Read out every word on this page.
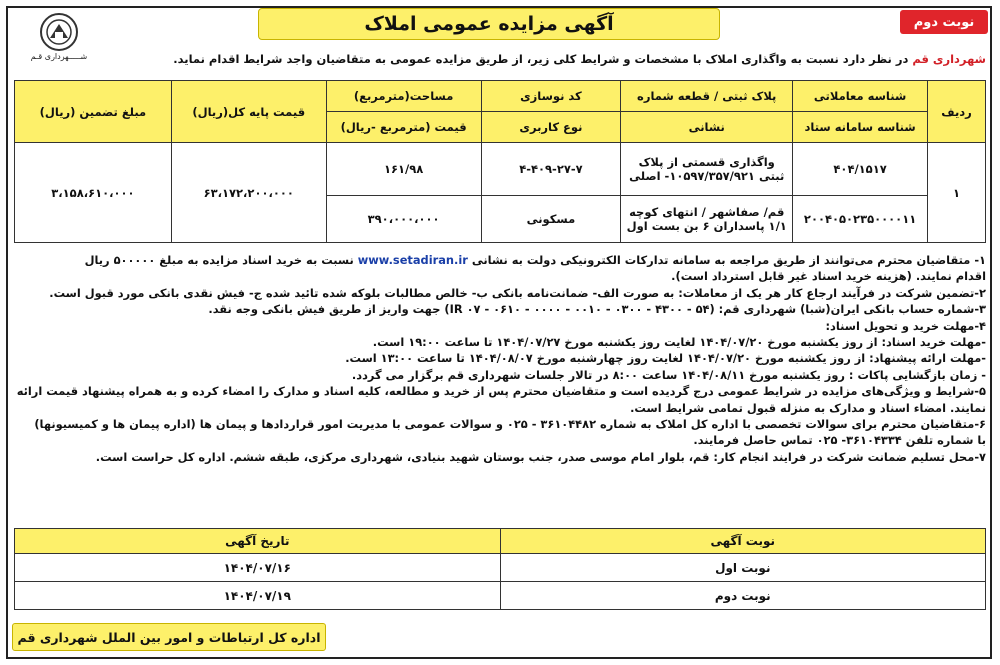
نوبت دوم
آگهی مزایده عمومی املاک
شـــــهرداری قـم	شهرداری قم در نظر دارد نسبت به واگذاری املاک با مشخصات و شرایط کلی زیر، از طریق مزایده عمومی به متقاضیان واجد شرایط اقدام نماید.
ردیف	شناسه معاملاتی	پلاک ثبتی / قطعه شماره	کد نوسازی	مساحت(مترمربع)	قیمت پایه کل(ریال)	مبلغ تضمین (ریال)
	شناسه سامانه ستاد	نشانی	نوع کاربری	قیمت (مترمربع -ریال)		
۱	۴۰۴/۱۵۱۷	واگذاری قسمتی از پلاک ثبتی ۱۰۵۹۷/۳۵۷/۹۲۱- اصلی	۴-۴۰۹-۲۷-۷	۱۶۱/۹۸	۶۳،۱۷۲،۲۰۰،۰۰۰	۳،۱۵۸،۶۱۰،۰۰۰
	۲۰۰۴۰۵۰۲۳۵۰۰۰۰۱۱	قم/ صفاشهر / انتهای کوچه ۱/۱ پاسداران ۶ بن بست اول	مسکونی	۳۹۰،۰۰۰،۰۰۰		
۱- متقاضیان محترم می‌توانند از طریق مراجعه به سامانه تدارکات الکترونیکی دولت به نشانی www.setadiran.ir نسبت به خرید اسناد مزایده به مبلغ ۵۰۰۰۰۰ ریال
اقدام نمایند. (هزینه خرید اسناد غیر قابل استرداد است).
۲-تضمین شرکت در فرآیند ارجاع کار هر یک از معاملات: به صورت الف- ضمانت‌نامه بانکی ب- خالص مطالبات بلوکه شده تائید شده ج- فیش نقدی بانکی مورد قبول است.
۳-شماره حساب بانکی ایران(شبا) شهرداری قم: (۵۴ - ۴۳۰۰ - ۰۳۰۰ - ۰۰۱۰ - ۰۰۰۰ - ۰۶۱۰ - IR ۰۷) جهت واریز از طریق فیش بانکی وجه نقد.
۴-مهلت خرید و تحویل اسناد:
-مهلت خرید اسناد: از روز یکشنبه مورخ ۱۴۰۴/۰۷/۲۰ لغایت روز یکشنبه مورخ ۱۴۰۴/۰۷/۲۷ تا ساعت ۱۹:۰۰ است.
-مهلت ارائه پیشنهاد: از روز یکشنبه مورخ ۱۴۰۴/۰۷/۲۰ لغایت روز چهارشنبه مورخ ۱۴۰۴/۰۸/۰۷ تا ساعت ۱۳:۰۰ است.
- زمان بازگشایی پاکات : روز یکشنبه مورخ ۱۴۰۴/۰۸/۱۱ ساعت ۸:۰۰ در تالار جلسات شهرداری قم برگزار می گردد.
۵-شرایط و ویژگی‌های مزایده در شرایط عمومی درج گردیده است و متقاضیان محترم پس از خرید و مطالعه، کلیه اسناد و مدارک را امضاء کرده و به همراه پیشنهاد قیمت ارائه
نمایند. امضاء اسناد و مدارک به منزله قبول تمامی شرایط است.
۶-متقاضیان محترم برای سوالات تخصصی با اداره کل املاک به شماره ۳۶۱۰۴۴۸۲ - ۰۲۵ و سوالات عمومی با مدیریت امور قراردادها و پیمان ها (اداره پیمان ها و کمیسیونها)
با شماره تلفن ۳۶۱۰۴۳۳۴- ۰۲۵ تماس حاصل فرمایند.
۷-محل تسلیم ضمانت شرکت در فرایند انجام کار: قم، بلوار امام موسی صدر، جنب بوستان شهید بنیادی، شهرداری مرکزی، طبقه ششم. اداره کل حراست است.
نوبت آگهی	تاریخ آگهی
نوبت اول	۱۴۰۴/۰۷/۱۶
نوبت دوم	۱۴۰۴/۰۷/۱۹
اداره کل ارتباطات و امور بین الملل شهرداری قم
